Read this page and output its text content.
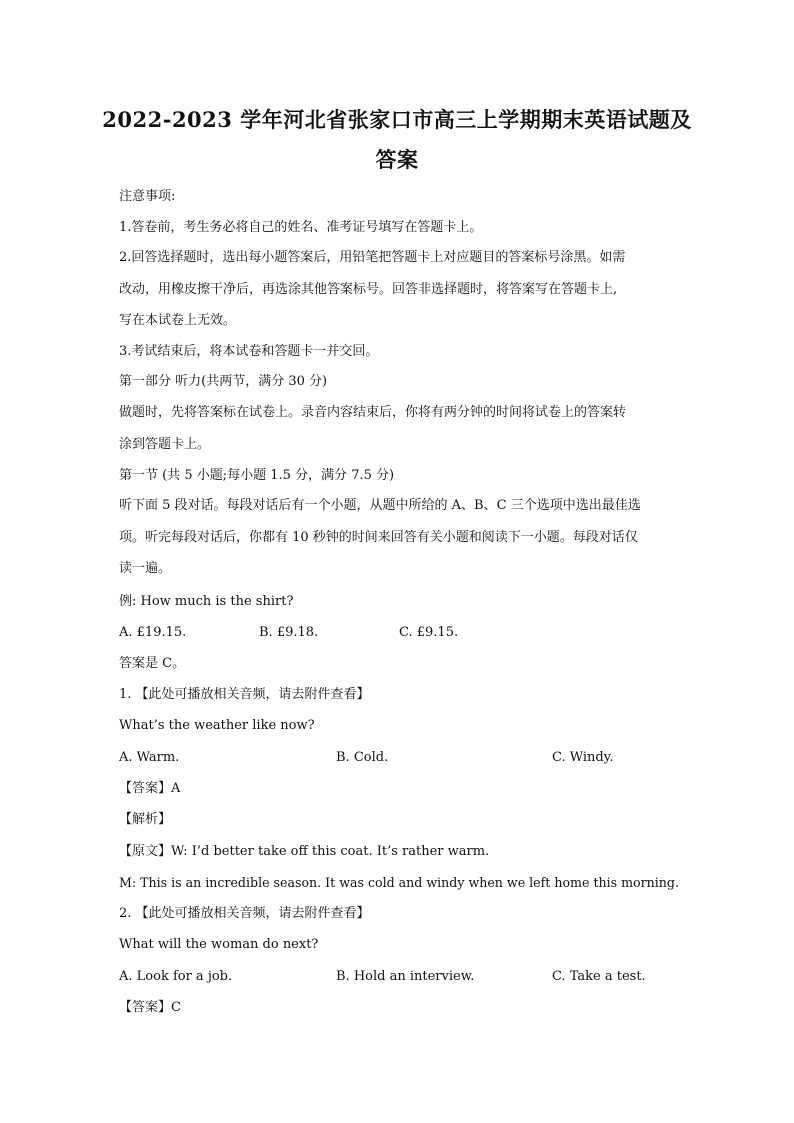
2022-2023 学年河北省张家口市高三上学期期末英语试题及
答案
注意事项:
1.答卷前，考生务必将自己的姓名、准考证号填写在答题卡上。
2.回答选择题时，选出每小题答案后，用铅笔把答题卡上对应题目的答案标号涂黑。如需
改动，用橡皮擦干净后，再选涂其他答案标号。回答非选择题时，将答案写在答题卡上,
写在本试卷上无效。
3.考试结束后，将本试卷和答题卡一并交回。
第一部分 听力(共两节，满分 30 分)
做题时，先将答案标在试卷上。录音内容结束后，你将有两分钟的时间将试卷上的答案转
涂到答题卡上。
第一节 (共 5 小题;每小题 1.5 分，满分 7.5 分)
听下面 5 段对话。每段对话后有一个小题，从题中所给的 A、B、C 三个选项中选出最佳选
项。听完每段对话后，你都有 10 秒钟的时间来回答有关小题和阅读下一小题。每段对话仅
读一遍。
例: How much is the shirt?
A. £19.15.	B. £9.18.	C. £9.15.
答案是 C。
1. 【此处可播放相关音频，请去附件查看】
What’s the weather like now?
A. Warm.	B. Cold.	C. Windy.
【答案】A
【解析】
【原文】W: I’d better take off this coat. It’s rather warm.
M: This is an incredible season. It was cold and windy when we left home this morning.
2. 【此处可播放相关音频，请去附件查看】
What will the woman do next?
A. Look for a job.	B. Hold an interview.	C. Take a test.
【答案】C
